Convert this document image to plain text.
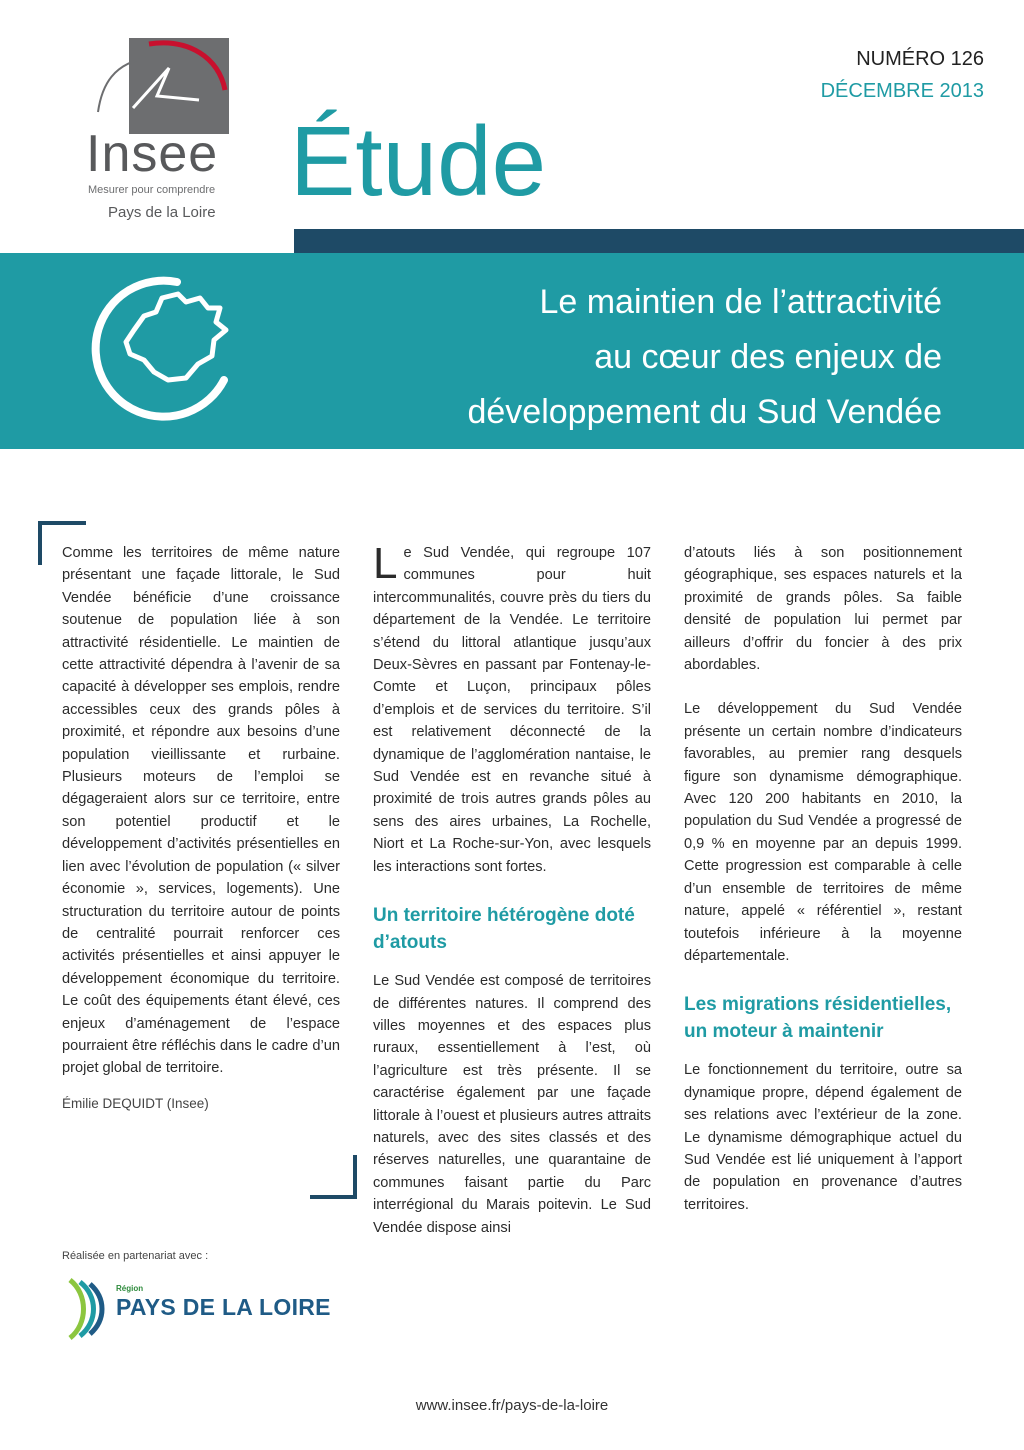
Insee
Mesurer pour comprendre
Pays de la Loire Étude
NUMÉRO 126
DÉCEMBRE 2013
Le maintien de l’attractivité
au cœur des enjeux de
développement du Sud Vendée

Comme les territoires de même nature présentant une façade littorale, le Sud Vendée bénéficie d’une croissance soutenue de population liée à son attractivité résidentielle. Le maintien de cette attractivité dépendra à l’avenir de sa capacité à développer ses emplois, rendre accessibles ceux des grands pôles à proximité, et répondre aux besoins d’une population vieillissante et rurbaine. Plusieurs moteurs de l’emploi se dégageraient alors sur ce territoire, entre son potentiel productif et le développement d’activités présentielles en lien avec l’évolution de population (« silver économie », services, logements). Une structuration du territoire autour de points de centralité pourrait renforcer ces activités présentielles et ainsi appuyer le développement économique du territoire. Le coût des équipements étant élevé, ces enjeux d’aménagement de l’espace pourraient être réfléchis dans le cadre d’un projet global de territoire.

Émilie DEQUIDT (Insee)

Le Sud Vendée, qui regroupe 107 communes pour huit intercommunalités, couvre près du tiers du département de la Vendée. Le territoire s’étend du littoral atlantique jusqu’aux Deux-Sèvres en passant par Fontenay-le-Comte et Luçon, principaux pôles d’emplois et de services du territoire. S’il est relativement déconnecté de la dynamique de l’agglomération nantaise, le Sud Vendée est en revanche situé à proximité de trois autres grands pôles au sens des aires urbaines, La Rochelle, Niort et La Roche-sur-Yon, avec lesquels les interactions sont fortes.

Un territoire hétérogène doté d’atouts

Le Sud Vendée est composé de territoires de différentes natures. Il comprend des villes moyennes et des espaces plus ruraux, essentiellement à l’est, où l’agriculture est très présente. Il se caractérise également par une façade littorale à l’ouest et plusieurs autres attraits naturels, avec des sites classés et des réserves naturelles, une quarantaine de communes faisant partie du Parc interrégional du Marais poitevin. Le Sud Vendée dispose ainsi

d’atouts liés à son positionnement géographique, ses espaces naturels et la proximité de grands pôles. Sa faible densité de population lui permet par ailleurs d’offrir du foncier à des prix abordables.

Le développement du Sud Vendée présente un certain nombre d’indicateurs favorables, au premier rang desquels figure son dynamisme démographique. Avec 120 200 habitants en 2010, la population du Sud Vendée a progressé de 0,9 % en moyenne par an depuis 1999. Cette progression est comparable à celle d’un ensemble de territoires de même nature, appelé « référentiel », restant toutefois inférieure à la moyenne départementale.

Les migrations résidentielles, un moteur à maintenir

Le fonctionnement du territoire, outre sa dynamique propre, dépend également de ses relations avec l’extérieur de la zone. Le dynamisme démographique actuel du Sud Vendée est lié uniquement à l’apport de population en provenance d’autres territoires.

Réalisée en partenariat avec :
Région
PAYS DE LA LOIRE
www.insee.fr/pays-de-la-loire
